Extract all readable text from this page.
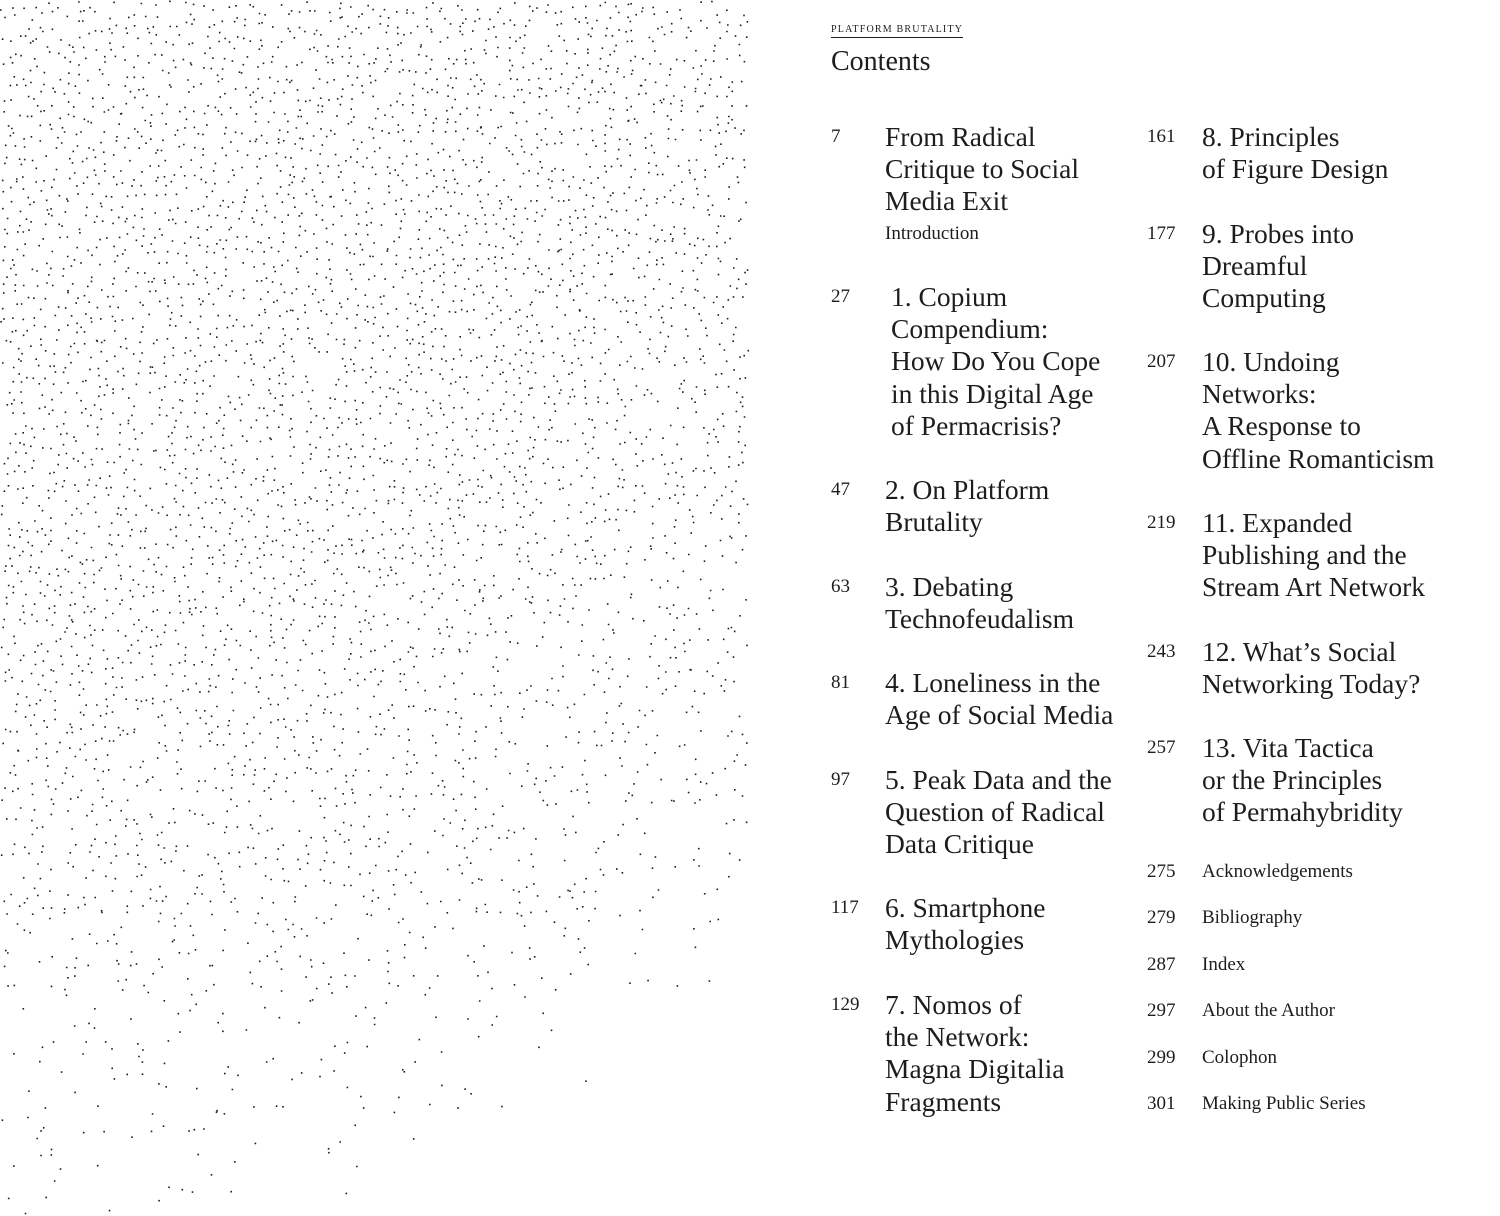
PLATFORM BRUTALITY
Contents
7 From Radical
Critique to Social
Media Exit
Introduction
27 1. Copium
Compendium:
How Do You Cope
in this Digital Age
of Permacrisis?
47 2. On Platform
Brutality
63 3. Debating
Technofeudalism
81 4. Loneliness in the
Age of Social Media
97 5. Peak Data and the
Question of Radical
Data Critique
117 6. Smartphone
Mythologies
129 7. Nomos of
the Network:
Magna Digitalia
Fragments
161 8. Principles
of Figure Design
177 9. Probes into
Dreamful
Computing
207 10. Undoing
Networks:
A Response to
Offline Romanticism
219 11. Expanded
Publishing and the
Stream Art Network
243 12. What’s Social
Networking Today?
257 13. Vita Tactica
or the Principles
of Permahybridity
275 Acknowledgements
279 Bibliography
287 Index
297 About the Author
299 Colophon
301 Making Public Series
